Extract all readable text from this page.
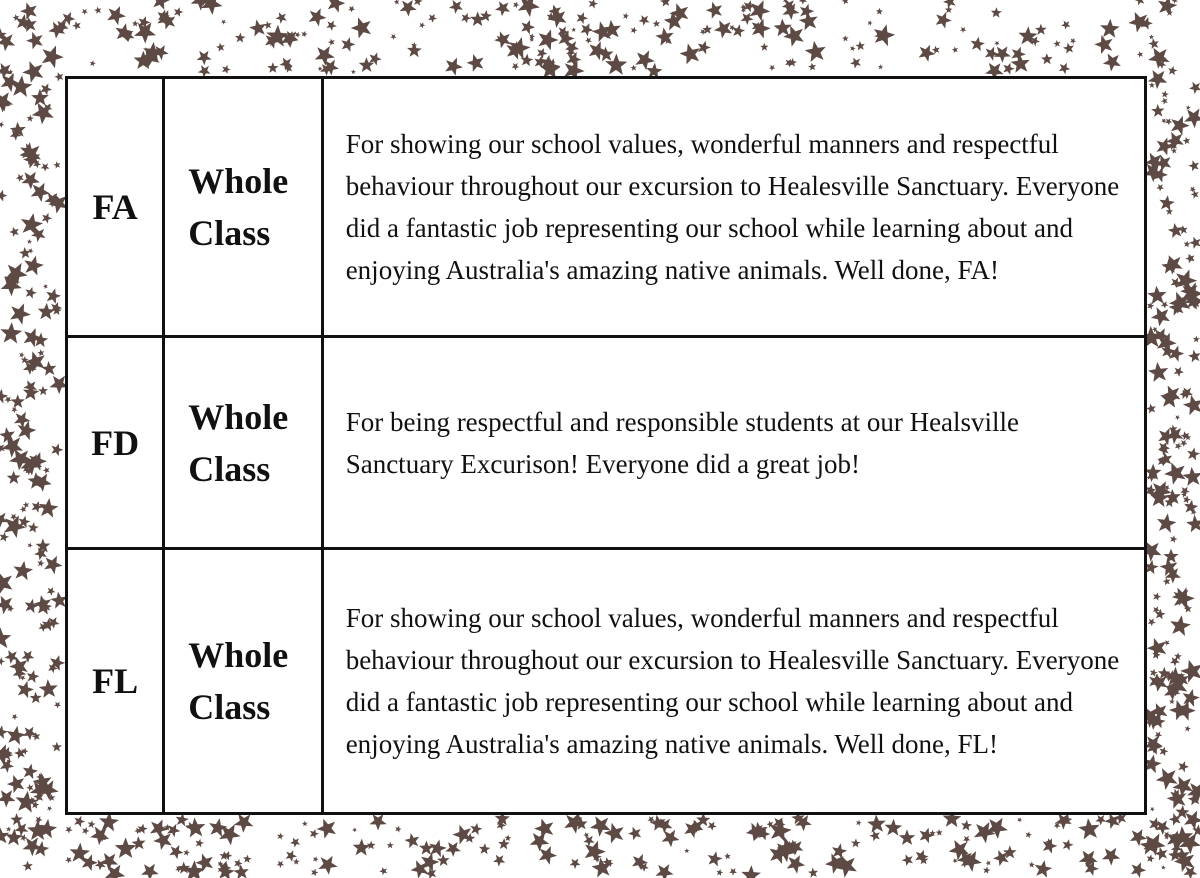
FA	Whole Class	For showing our school values, wonderful manners and respectful behaviour throughout our excursion to Healesville Sanctuary. Everyone did a fantastic job representing our school while learning about and enjoying Australia's amazing native animals. Well done, FA!
FD	Whole Class	For being respectful and responsible students at our Healsville Sanctuary Excurison! Everyone did a great job!
FL	Whole Class	For showing our school values, wonderful manners and respectful behaviour throughout our excursion to Healesville Sanctuary. Everyone did a fantastic job representing our school while learning about and enjoying Australia's amazing native animals. Well done, FL!
